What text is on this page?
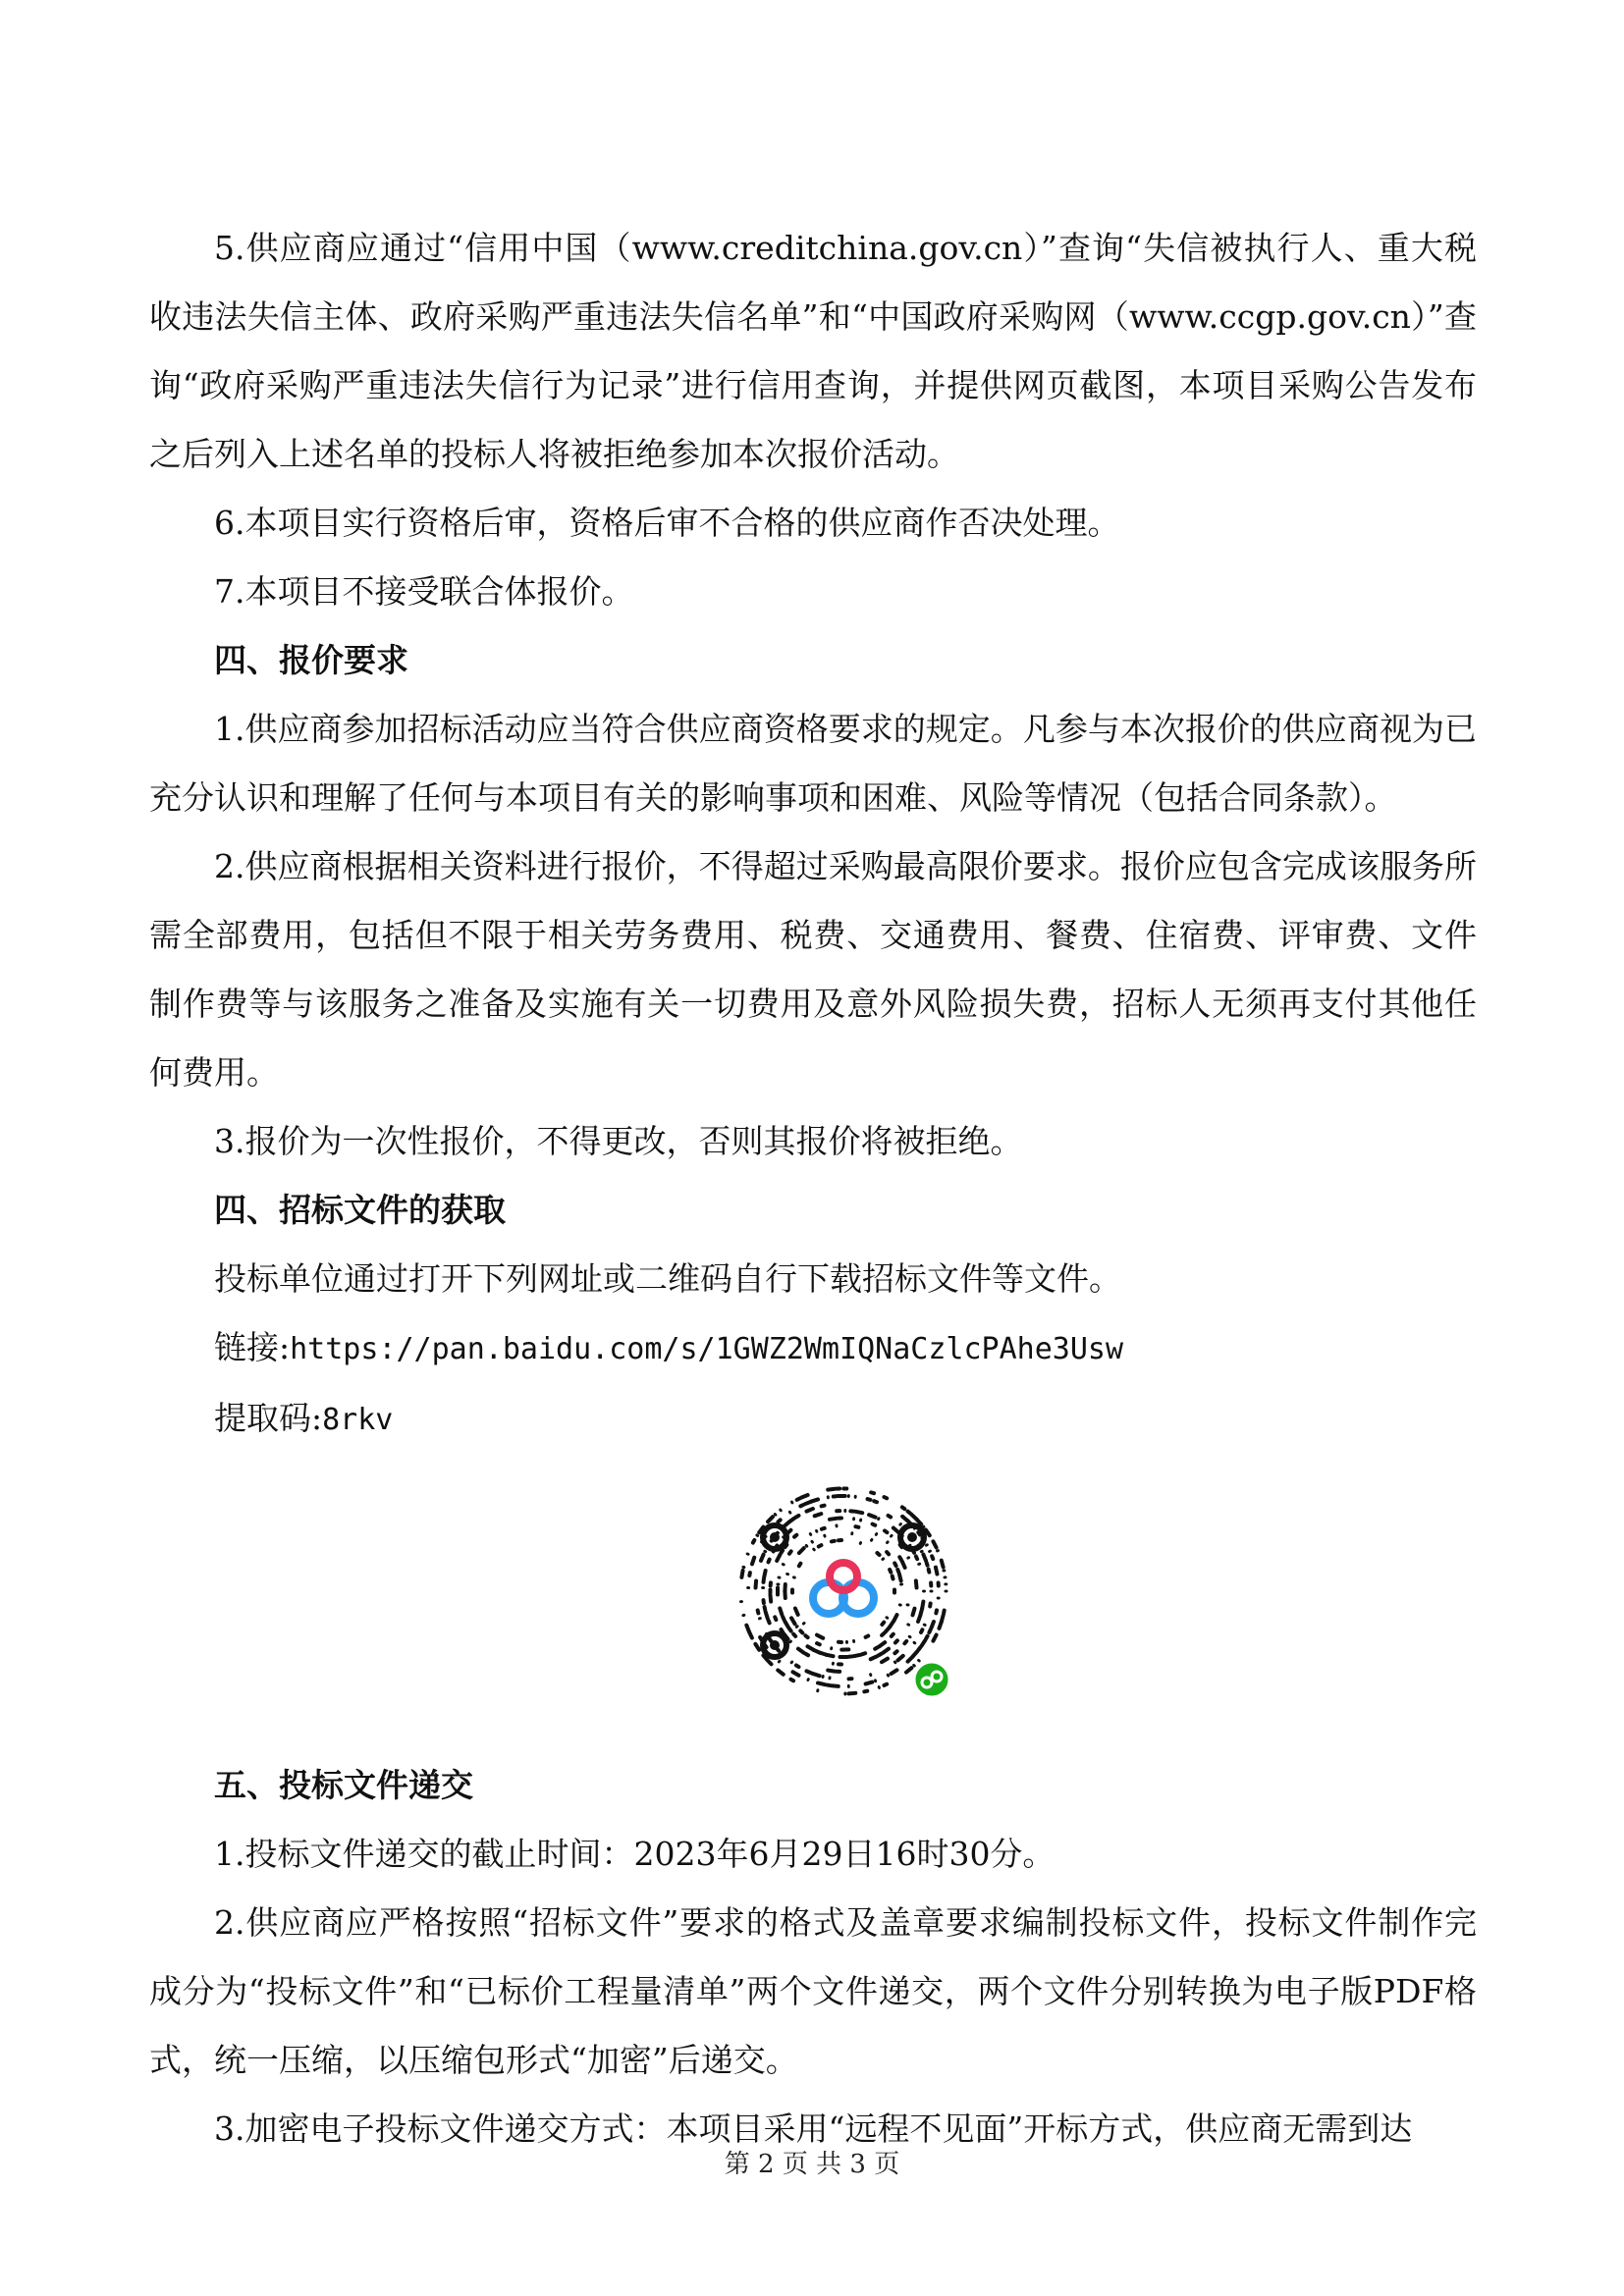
5.供应商应通过“信用中国（www.creditchina.gov.cn）”查询“失信被执行人、重大税收违法失信主体、政府采购严重违法失信名单”和“中国政府采购网（www.ccgp.gov.cn）”查询“政府采购严重违法失信行为记录”进行信用查询，并提供网页截图，本项目采购公告发布之后列入上述名单的投标人将被拒绝参加本次报价活动。

6.本项目实行资格后审，资格后审不合格的供应商作否决处理。

7.本项目不接受联合体报价。

四、报价要求

1.供应商参加招标活动应当符合供应商资格要求的规定。凡参与本次报价的供应商视为已充分认识和理解了任何与本项目有关的影响事项和困难、风险等情况（包括合同条款）。

2.供应商根据相关资料进行报价，不得超过采购最高限价要求。报价应包含完成该服务所需全部费用，包括但不限于相关劳务费用、税费、交通费用、餐费、住宿费、评审费、文件制作费等与该服务之准备及实施有关一切费用及意外风险损失费，招标人无须再支付其他任何费用。

3.报价为一次性报价，不得更改，否则其报价将被拒绝。

四、招标文件的获取

投标单位通过打开下列网址或二维码自行下载招标文件等文件。

链接:https://pan.baidu.com/s/1GWZ2WmIQNaCzlcPAhe3Usw

提取码:8rkv

五、投标文件递交

1.投标文件递交的截止时间：2023年6月29日16时30分。

2.供应商应严格按照“招标文件”要求的格式及盖章要求编制投标文件，投标文件制作完成分为“投标文件”和“已标价工程量清单”两个文件递交，两个文件分别转换为电子版PDF格式，统一压缩，以压缩包形式“加密”后递交。

3.加密电子投标文件递交方式：本项目采用“远程不见面”开标方式，供应商无需到达

第 2 页 共 3 页
